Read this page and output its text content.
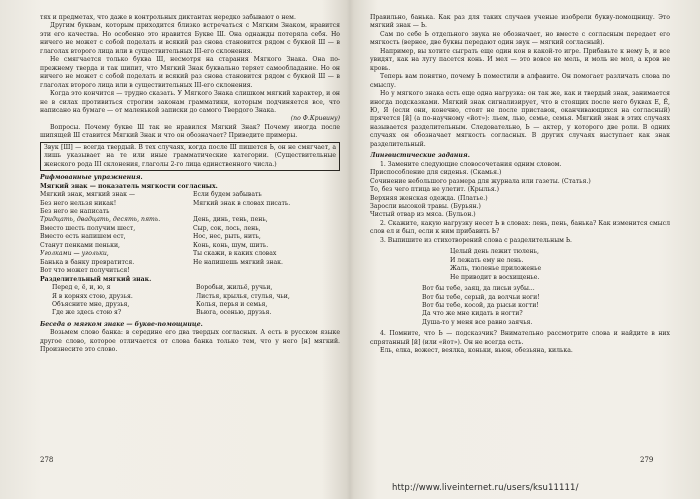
тях и предметах, что даже в контрольных диктантах нередко забывают о нем.

Другим буквам, которым приходится близко встречаться с Мягким Знаком, нравится эти его качества. Но особенно это нравится Букве Ш. Она однажды потеряла себя. Но ничего не может с собой поделать и всякий раз снова становится рядом с буквой Ш — в глаголах второго лица или в существительных III-его склонения.

Не смягчается только буква Ш, несмотря на старания Мягкого Знака. Она по-прежнему тверда и так шипит, что Мягкий Знак буквально теряет самообладание. Но он ничего не может с собой поделать и всякий раз снова становится рядом с буквой Ш — в глаголах второго лица или в существительных III-его склонения.

Когда это кончится — трудно сказать. У Мягкого Знака слишком мягкий характер, и он не в силах противиться строгим законам грамматики, которым подчиняется все, что написано на бумаге — от маленькой записки до самого Твердого Знака.

(по Ф.Кривину)

Вопросы. Почему букве Ш так не нравился Мягкий Знак? Почему иногда после шипящей Ш ставится Мягкий Знак и что он обозначает? Приведите примеры.

Звук [Ш] — всегда твердый. В тех случаях, когда после Ш пишется Ь, он не смягчает, а лишь указывает на те или иные грамматические категории. (Существительные женского рода III склонения, глаголы 2-го лица единственного числа.)

Рифмованные упражнения.

Мягкий знак — показатель мягкости согласных.

Мягкий знак, мягкий знак —

Без него нельзя никак!

Без него не написать

Тридцать, двадцать, десять, пять.

Вместо шесть получим шест,

Вместо есть напишем ест,

Станут пенками пеньки,

Уголками — угольки,

Банька в банку превратится.

Вот что может получиться!

Если будем забывать

Мягкий знак в словах писать.

День, динь, тень, пень,

Сыр, сок, лось, лень,

Нос, нес, рыть, нить,

Конь, конь, шум, шить.

Ты скажи, в каких словах

Не напишешь мягкий знак.

Разделительный мягкий знак.

Перед е, ё, и, ю, я

Я в корнях стою, друзья.

Объясните мне, друзья,

Где же здесь стою я?

Воробьи, жильё, ручьи,

Листья, крылья, стулья, чьи,

Колья, перья и семья,

Вьюга, осенью, друзья.

Беседа о мягком знаке — букве-помощнице.

Возьмем слово банка: в середине его два твердых согласных. А есть в русском языке другое слово, которое отличается от слова банка только тем, что у него [н] мягкий. Произнесите это слово.

278

Правильно, банька. Как раз для таких случаев ученые изобрели букву-помощницу. Это мягкий знак — Ь.

Сам по себе Ь отдельного звука не обозначает, но вместе с согласным передает его мягкость (вернее, две буквы передают один звук — мягкий согласный).

Например, вы хотите сыграть еще один кон в какой-то игре. Прибавьте к нему Ь, и все увидят, как на лугу пасется конь. И мел — это вовсе не мель, и моль не мол, а кров не кровь.

Теперь вам понятно, почему Ь поместили в алфавите. Он помогает различать слова по смыслу.

Но у мягкого знака есть еще одна нагрузка: он так же, как и твердый знак, занимается иногда подсказками. Мягкий знак сигнализирует, что в стоящих после него буквах Е, Ё, Ю, Я (если они, конечно, стоят не после приставок, оканчивающихся на согласный) прячется [й] (а по-научному «йот»): льем, лью, семье, семья. Мягкий знак в этих случаях называется разделительным. Следовательно, Ь — актер, у которого две роли. В одних случаях он обозначает мягкость согласных. В других случаях выступает как знак разделительный.

Лингвистические задания.

1. Замените следующие словосочетания одним словом.

Приспособление для сиденья. (Скамья.)

Сочинение небольшого размера для журнала или газеты. (Статья.)

То, без чего птица не улетит. (Крылья.)

Верхняя женская одежда. (Платье.)

Заросли высокой травы. (Бурьян.)

Чистый отвар из мяса. (Бульон.)

2. Скажите, какую нагрузку несет Ь в словах: лень, пень, банька? Как изменится смысл слов ел и был, если к ним прибавить Ь?

3. Выпишите из стихотворений слова с разделительным Ь.

Целый день лежит тюлень,

И лежать ему не лень.

Жаль, тюленье приложенье

Не приводит в восхищенье.

Вот бы тебе, заяц, да лисьи зубы...

Вот бы тебе, серый, да волчьи ноги!

Вот бы тебе, косой, да рысьи когти!

Да что же мне кидать в ногти?

Душа-то у меня все равно заячья.

4. Помните, что Ь — подсказчик? Внимательно рассмотрите слова и найдите в них спрятанный [й] (или «йот»). Он не всегда есть.

Ель, елка, вожест, веялка, коньки, вьюн, обезьяна, килька.

279
http://www.liveinternet.ru/users/ksu11111/
